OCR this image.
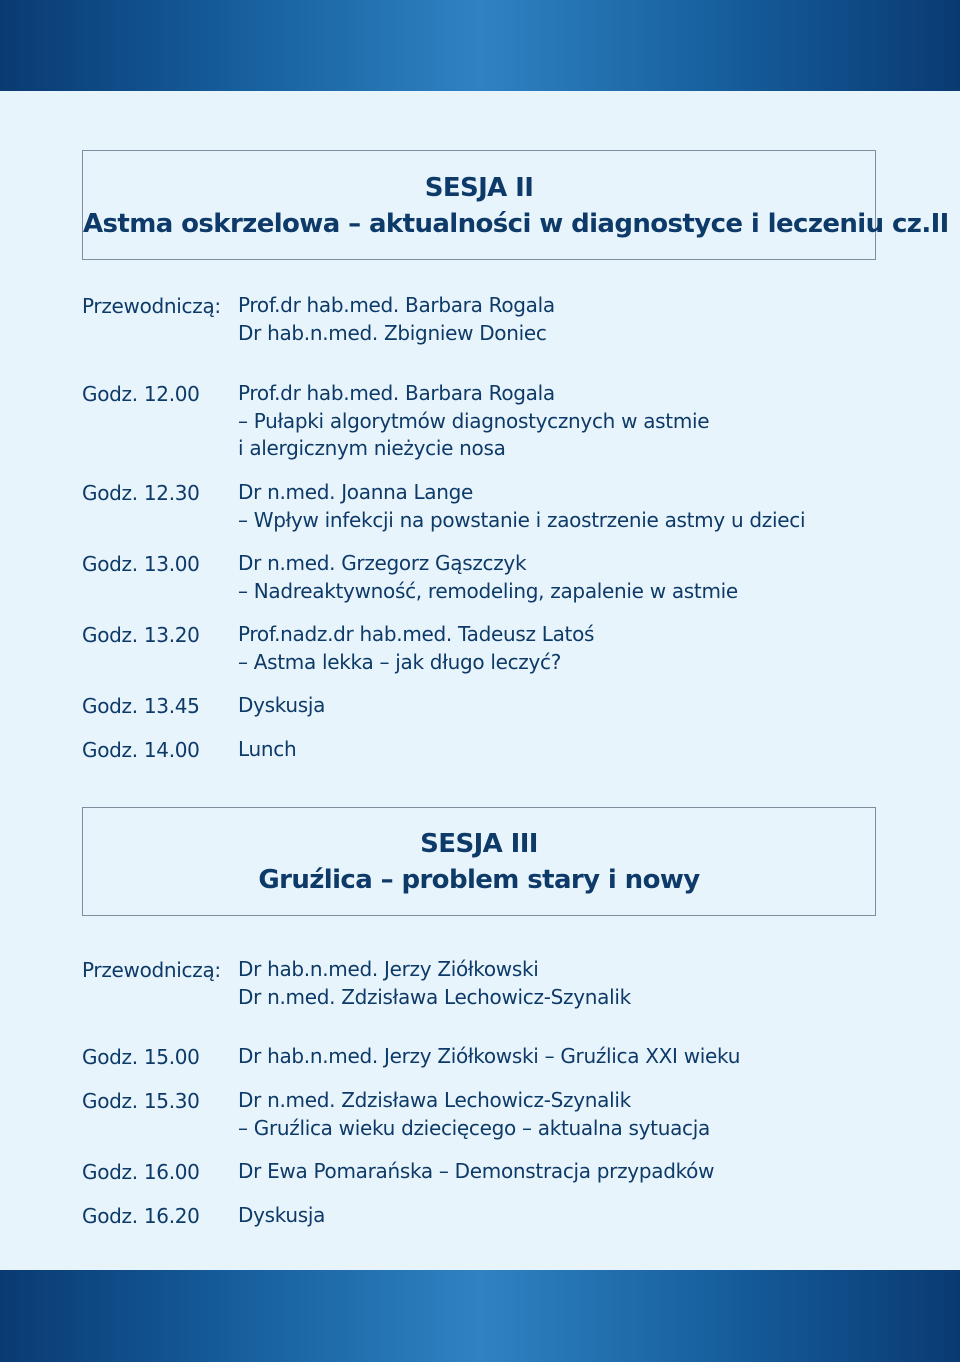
SESJA II
Astma oskrzelowa – aktualności w diagnostyce i leczeniu cz.II
Przewodniczą: Prof.dr hab.med. Barbara Rogala
Dr hab.n.med. Zbigniew Doniec
Godz. 12.00 Prof.dr hab.med. Barbara Rogala
– Pułapki algorytmów diagnostycznych w astmie
i alergicznym nieżycie nosa
Godz. 12.30 Dr n.med. Joanna Lange
– Wpływ infekcji na powstanie i zaostrzenie astmy u dzieci
Godz. 13.00 Dr n.med. Grzegorz Gąszczyk
– Nadreaktywność, remodeling, zapalenie w astmie
Godz. 13.20 Prof.nadz.dr hab.med. Tadeusz Latoś
– Astma lekka – jak długo leczyć?
Godz. 13.45 Dyskusja
Godz. 14.00 Lunch
SESJA III
Gruźlica – problem stary i nowy
Przewodniczą: Dr hab.n.med. Jerzy Ziółkowski
Dr n.med. Zdzisława Lechowicz-Szynalik
Godz. 15.00 Dr hab.n.med. Jerzy Ziółkowski – Gruźlica XXI wieku
Godz. 15.30 Dr n.med. Zdzisława Lechowicz-Szynalik
– Gruźlica wieku dziecięcego – aktualna sytuacja
Godz. 16.00 Dr Ewa Pomarańska – Demonstracja przypadków
Godz. 16.20 Dyskusja
